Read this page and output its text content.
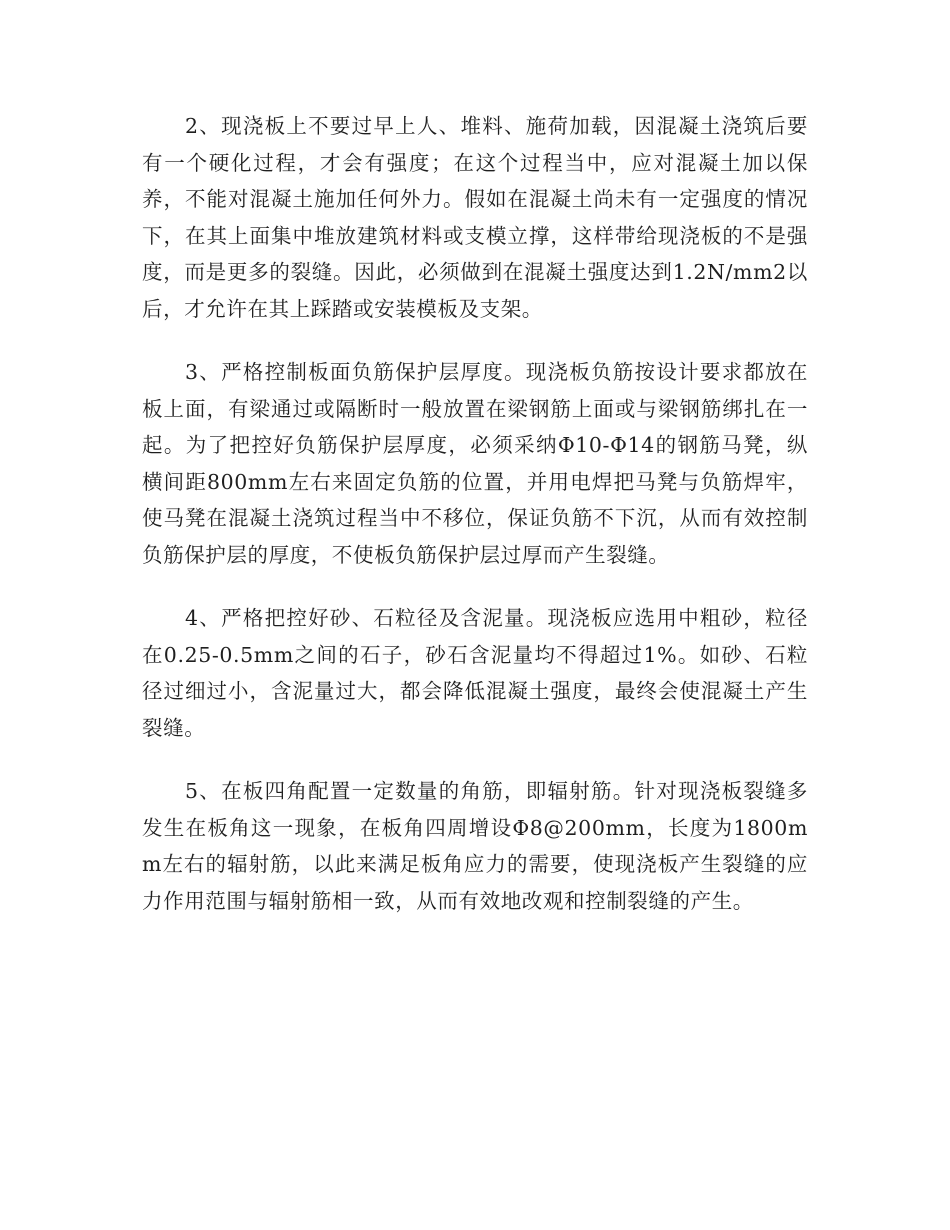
2、现浇板上不要过早上人、堆料、施荷加载，因混凝土浇筑后要有一个硬化过程，才会有强度；在这个过程当中，应对混凝土加以保养，不能对混凝土施加任何外力。假如在混凝土尚未有一定强度的情况下，在其上面集中堆放建筑材料或支模立撑，这样带给现浇板的不是强度，而是更多的裂缝。因此，必须做到在混凝土强度达到1.2N/mm2以后，才允许在其上踩踏或安装模板及支架。

3、严格控制板面负筋保护层厚度。现浇板负筋按设计要求都放在板上面，有梁通过或隔断时一般放置在梁钢筋上面或与梁钢筋绑扎在一起。为了把控好负筋保护层厚度，必须采纳Φ10-Φ14的钢筋马凳，纵横间距800mm左右来固定负筋的位置，并用电焊把马凳与负筋焊牢，使马凳在混凝土浇筑过程当中不移位，保证负筋不下沉，从而有效控制负筋保护层的厚度，不使板负筋保护层过厚而产生裂缝。

4、严格把控好砂、石粒径及含泥量。现浇板应选用中粗砂，粒径在0.25-0.5mm之间的石子，砂石含泥量均不得超过1%。如砂、石粒径过细过小，含泥量过大，都会降低混凝土强度，最终会使混凝土产生裂缝。

5、在板四角配置一定数量的角筋，即辐射筋。针对现浇板裂缝多发生在板角这一现象，在板角四周增设Φ8@200mm，长度为1800mm左右的辐射筋，以此来满足板角应力的需要，使现浇板产生裂缝的应力作用范围与辐射筋相一致，从而有效地改观和控制裂缝的产生。
